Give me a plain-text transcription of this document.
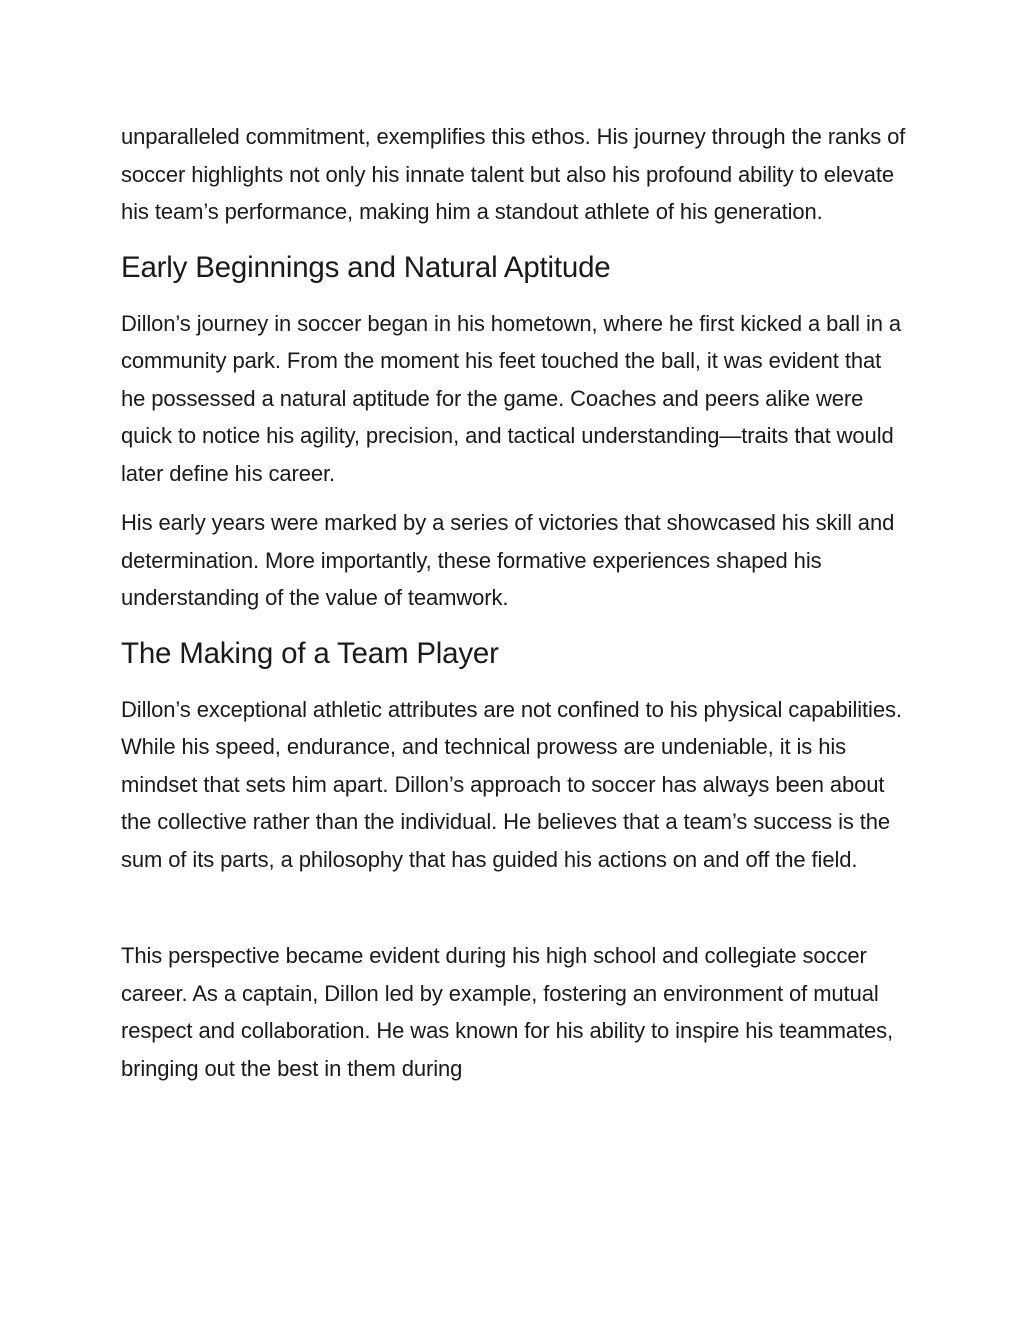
unparalleled commitment, exemplifies this ethos. His journey through the ranks of soccer highlights not only his innate talent but also his profound ability to elevate his team’s performance, making him a standout athlete of his generation.

Early Beginnings and Natural Aptitude

Dillon’s journey in soccer began in his hometown, where he first kicked a ball in a community park. From the moment his feet touched the ball, it was evident that he possessed a natural aptitude for the game. Coaches and peers alike were quick to notice his agility, precision, and tactical understanding—traits that would later define his career.

His early years were marked by a series of victories that showcased his skill and determination. More importantly, these formative experiences shaped his understanding of the value of teamwork.

The Making of a Team Player

Dillon’s exceptional athletic attributes are not confined to his physical capabilities. While his speed, endurance, and technical prowess are undeniable, it is his mindset that sets him apart. Dillon’s approach to soccer has always been about the collective rather than the individual. He believes that a team’s success is the sum of its parts, a philosophy that has guided his actions on and off the field.

This perspective became evident during his high school and collegiate soccer career. As a captain, Dillon led by example, fostering an environment of mutual respect and collaboration. He was known for his ability to inspire his teammates, bringing out the best in them during
